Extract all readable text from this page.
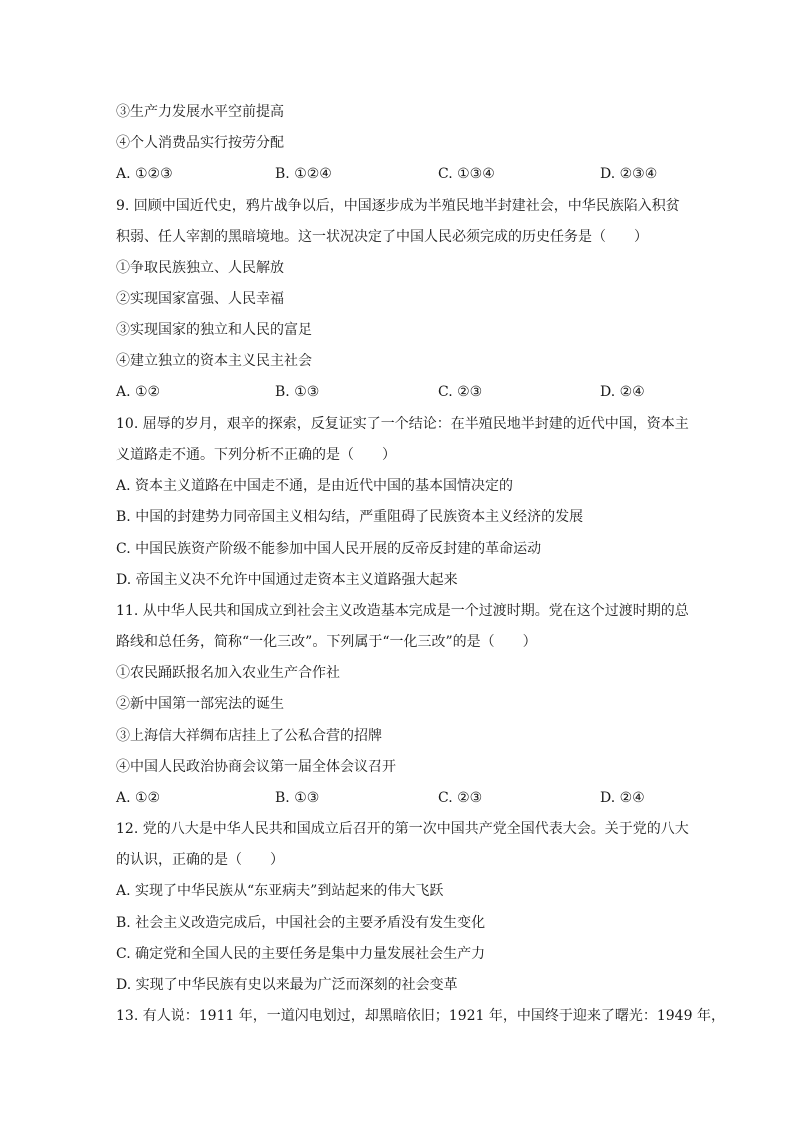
③生产力发展水平空前提高
④个人消费品实行按劳分配
A. ①②③	B. ①②④	C. ①③④	D. ②③④
9. 回顾中国近代史，鸦片战争以后，中国逐步成为半殖民地半封建社会，中华民族陷入积贫
积弱、任人宰割的黑暗境地。这一状况决定了中国人民必须完成的历史任务是（　　）
①争取民族独立、人民解放
②实现国家富强、人民幸福
③实现国家的独立和人民的富足
④建立独立的资本主义民主社会
A. ①②	B. ①③	C. ②③	D. ②④
10. 屈辱的岁月，艰辛的探索，反复证实了一个结论：在半殖民地半封建的近代中国，资本主
义道路走不通。下列分析不正确的是（　　）
A. 资本主义道路在中国走不通，是由近代中国的基本国情决定的
B. 中国的封建势力同帝国主义相勾结，严重阻碍了民族资本主义经济的发展
C. 中国民族资产阶级不能参加中国人民开展的反帝反封建的革命运动
D. 帝国主义决不允许中国通过走资本主义道路强大起来
11. 从中华人民共和国成立到社会主义改造基本完成是一个过渡时期。党在这个过渡时期的总
路线和总任务，简称“一化三改”。下列属于“一化三改”的是（　　）
①农民踊跃报名加入农业生产合作社
②新中国第一部宪法的诞生
③上海信大祥绸布店挂上了公私合营的招牌
④中国人民政治协商会议第一届全体会议召开
A. ①②	B. ①③	C. ②③	D. ②④
12. 党的八大是中华人民共和国成立后召开的第一次中国共产党全国代表大会。关于党的八大
的认识，正确的是（　　）
A. 实现了中华民族从“东亚病夫”到站起来的伟大飞跃
B. 社会主义改造完成后，中国社会的主要矛盾没有发生变化
C. 确定党和全国人民的主要任务是集中力量发展社会生产力
D. 实现了中华民族有史以来最为广泛而深刻的社会变革
13. 有人说：1911 年，一道闪电划过，却黑暗依旧；1921 年，中国终于迎来了曙光：1949 年，
